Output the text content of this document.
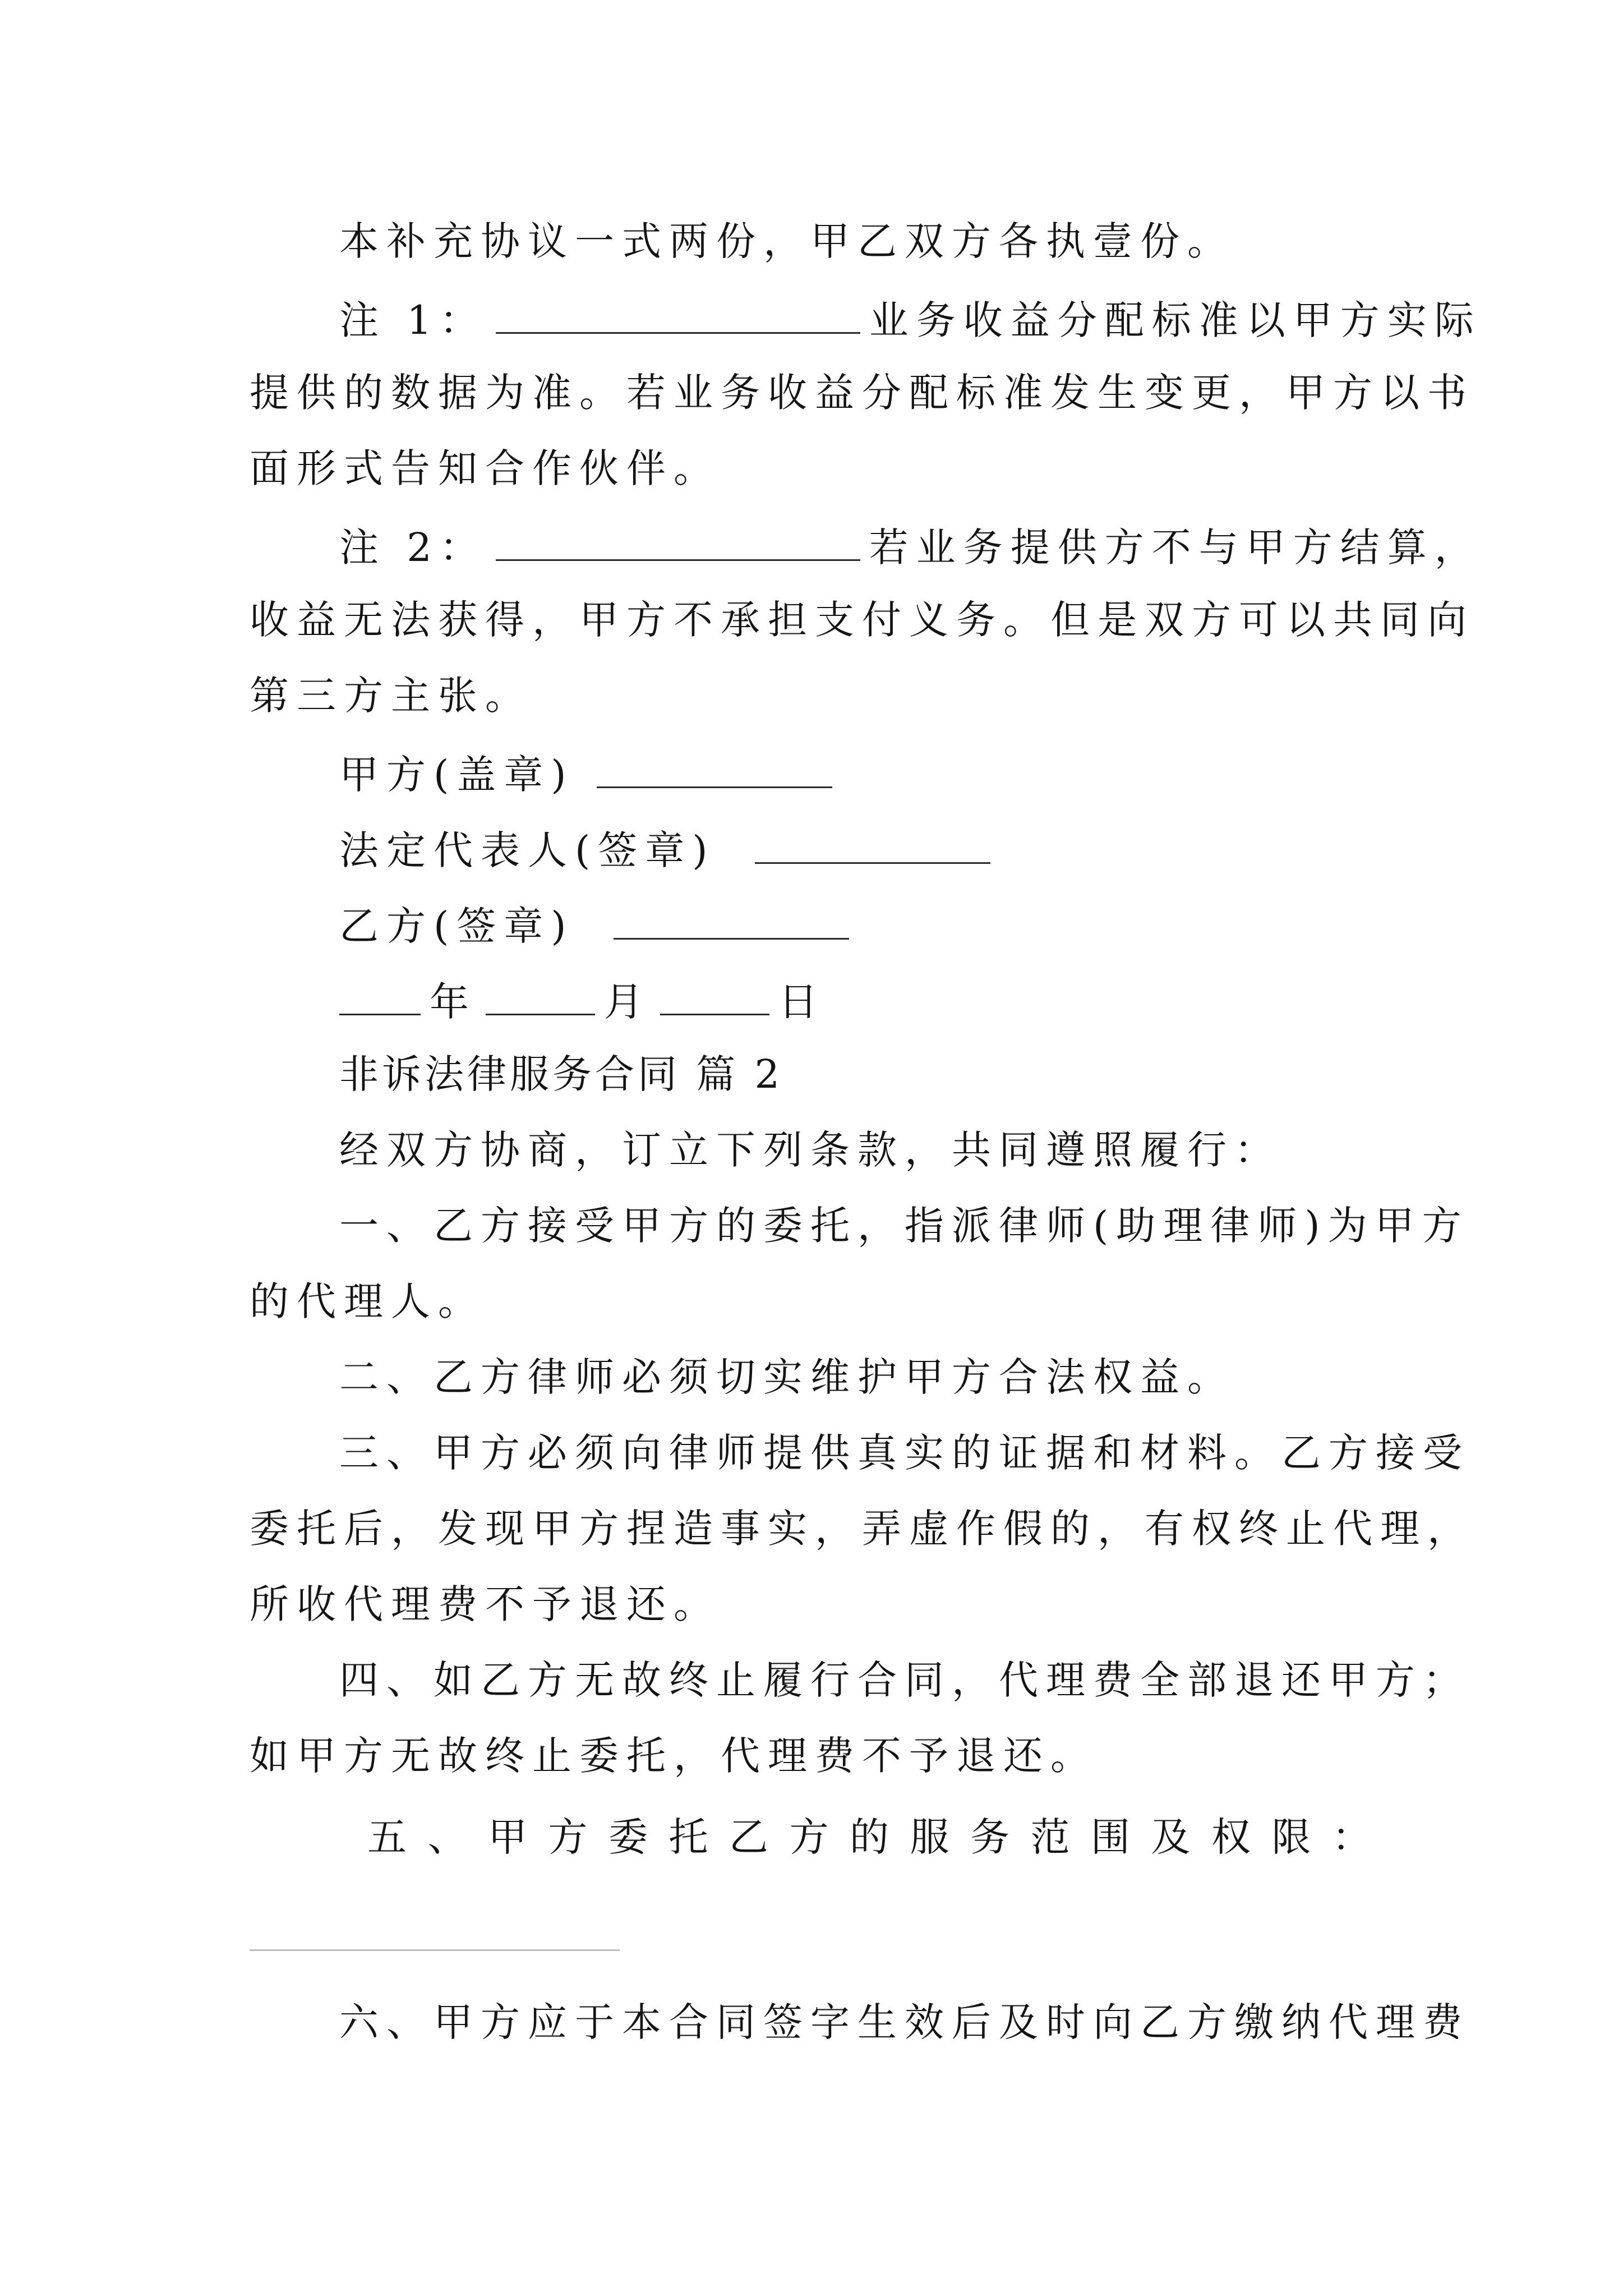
本补充协议一式两份，甲乙双方各执壹份。
注 1：	业务收益分配标准以甲方实际
提供的数据为准。若业务收益分配标准发生变更，甲方以书
面形式告知合作伙伴。
注 2：	若业务提供方不与甲方结算，
收益无法获得，甲方不承担支付义务。但是双方可以共同向
第三方主张。
甲方(盖章)
法定代表人(签章)
乙方(签章)
年	月	日
非诉法律服务合同 篇 2
经双方协商，订立下列条款，共同遵照履行：
一、乙方接受甲方的委托，指派律师(助理律师)为甲方
的代理人。
二、乙方律师必须切实维护甲方合法权益。
三、甲方必须向律师提供真实的证据和材料。乙方接受
委托后，发现甲方捏造事实，弄虚作假的，有权终止代理，
所收代理费不予退还。
四、如乙方无故终止履行合同，代理费全部退还甲方；
如甲方无故终止委托，代理费不予退还。
五 、 甲 方 委 托 乙 方 的 服 务 范 围 及 权 限 ：
六、甲方应于本合同签字生效后及时向乙方缴纳代理费
